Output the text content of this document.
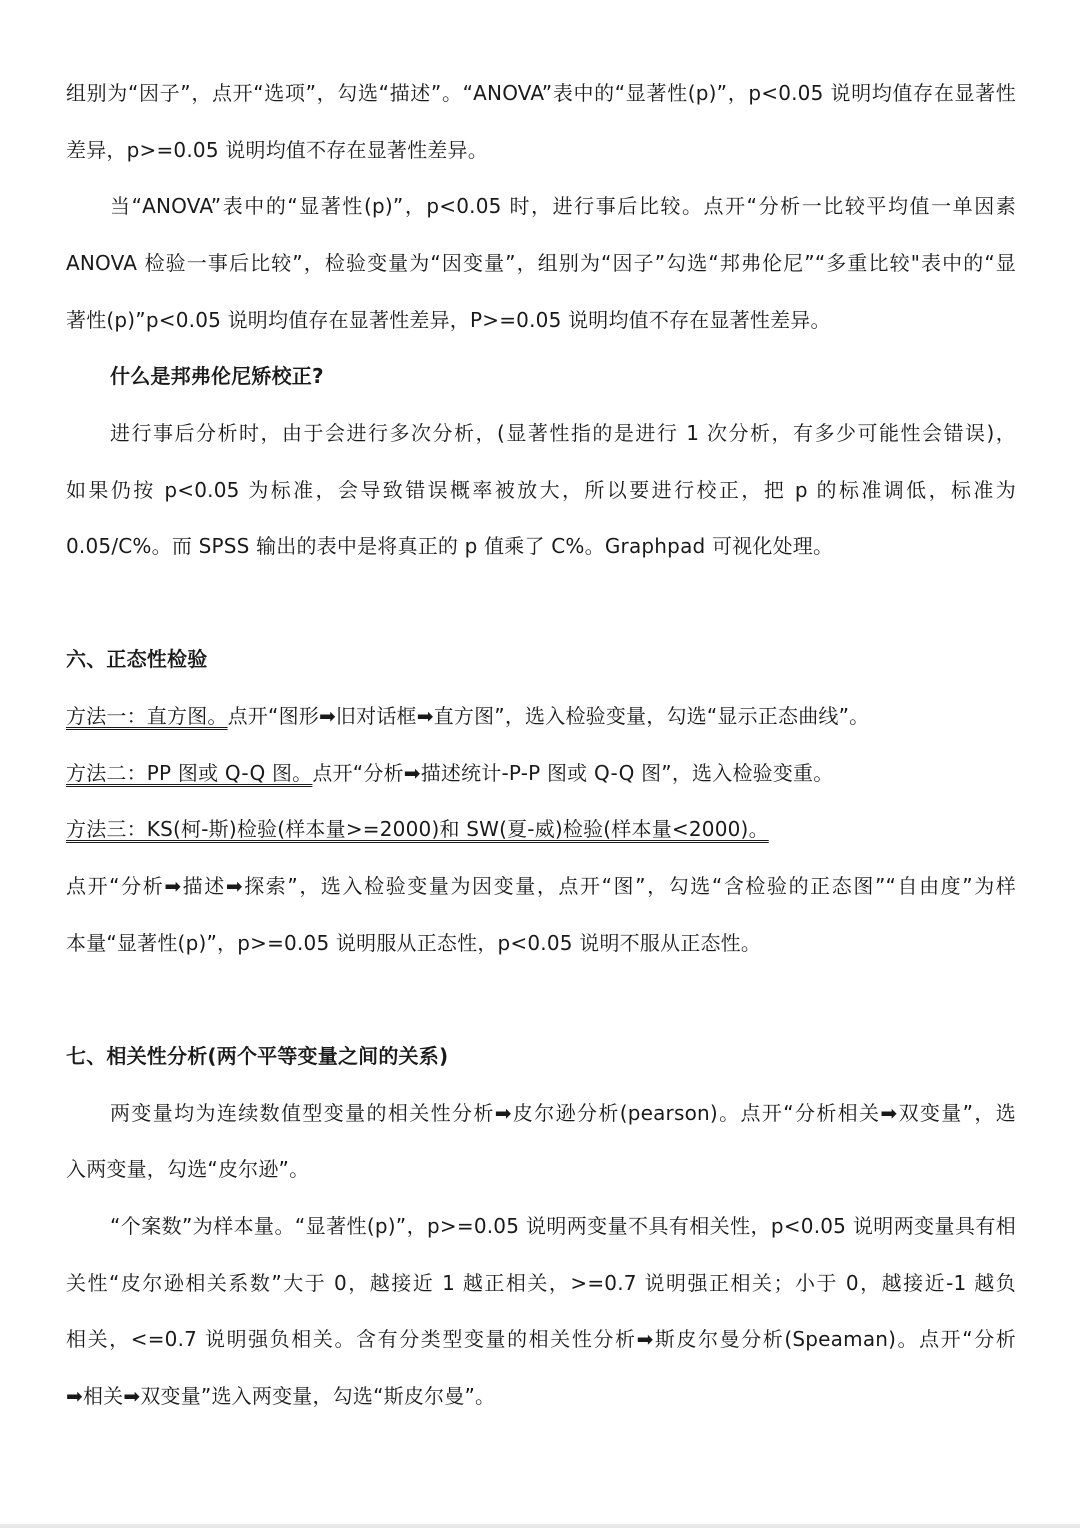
组别为“因子”，点开“选项”，勾选“描述”。“ANOVA”表中的“显著性(p)”，p<0.05 说明均值存在显著性
差异，p>=0.05 说明均值不存在显著性差异。
当“ANOVA”表中的“显著性(p)”，p<0.05 时，进行事后比较。点开“分析一比较平均值一单因素
ANOVA 检验一事后比较”，检验变量为“因变量”，组别为“因子”勾选“邦弗伦尼”“多重比较"表中的“显
著性(p)”p<0.05 说明均值存在显著性差异，P>=0.05 说明均值不存在显著性差异。
什么是邦弗伦尼矫校正?
进行事后分析时，由于会进行多次分析，(显著性指的是进行 1 次分析，有多少可能性会错误)，
如果仍按 p<0.05 为标准，会导致错误概率被放大，所以要进行校正，把 p 的标准调低，标准为
0.05/C%。而 SPSS 输出的表中是将真正的 p 值乘了 C%。Graphpad 可视化处理。
六、正态性检验
方法一：直方图。点开“图形➡旧对话框➡直方图”，选入检验变量，勾选“显示正态曲线”。
方法二：PP 图或 Q-Q 图。点开“分析➡描述统计-P-P 图或 Q-Q 图”，选入检验变重。
方法三：KS(柯-斯)检验(样本量>=2000)和 SW(夏-威)检验(样本量<2000)。
点开“分析➡描述➡探索”，选入检验变量为因变量，点开“图”，勾选“含检验的正态图”“自由度”为样
本量“显著性(p)”，p>=0.05 说明服从正态性，p<0.05 说明不服从正态性。
七、相关性分析(两个平等变量之间的关系)
两变量均为连续数值型变量的相关性分析➡皮尔逊分析(pearson)。点开“分析相关➡双变量”，选
入两变量，勾选“皮尔逊”。
“个案数”为样本量。“显著性(p)”，p>=0.05 说明两变量不具有相关性，p<0.05 说明两变量具有相
关性“皮尔逊相关系数”大于 0，越接近 1 越正相关，>=0.7 说明强正相关；小于 0，越接近-1 越负
相关，<=0.7 说明强负相关。含有分类型变量的相关性分析➡斯皮尔曼分析(Speaman)。点开“分析
➡相关➡双变量”选入两变量，勾选“斯皮尔曼”。
